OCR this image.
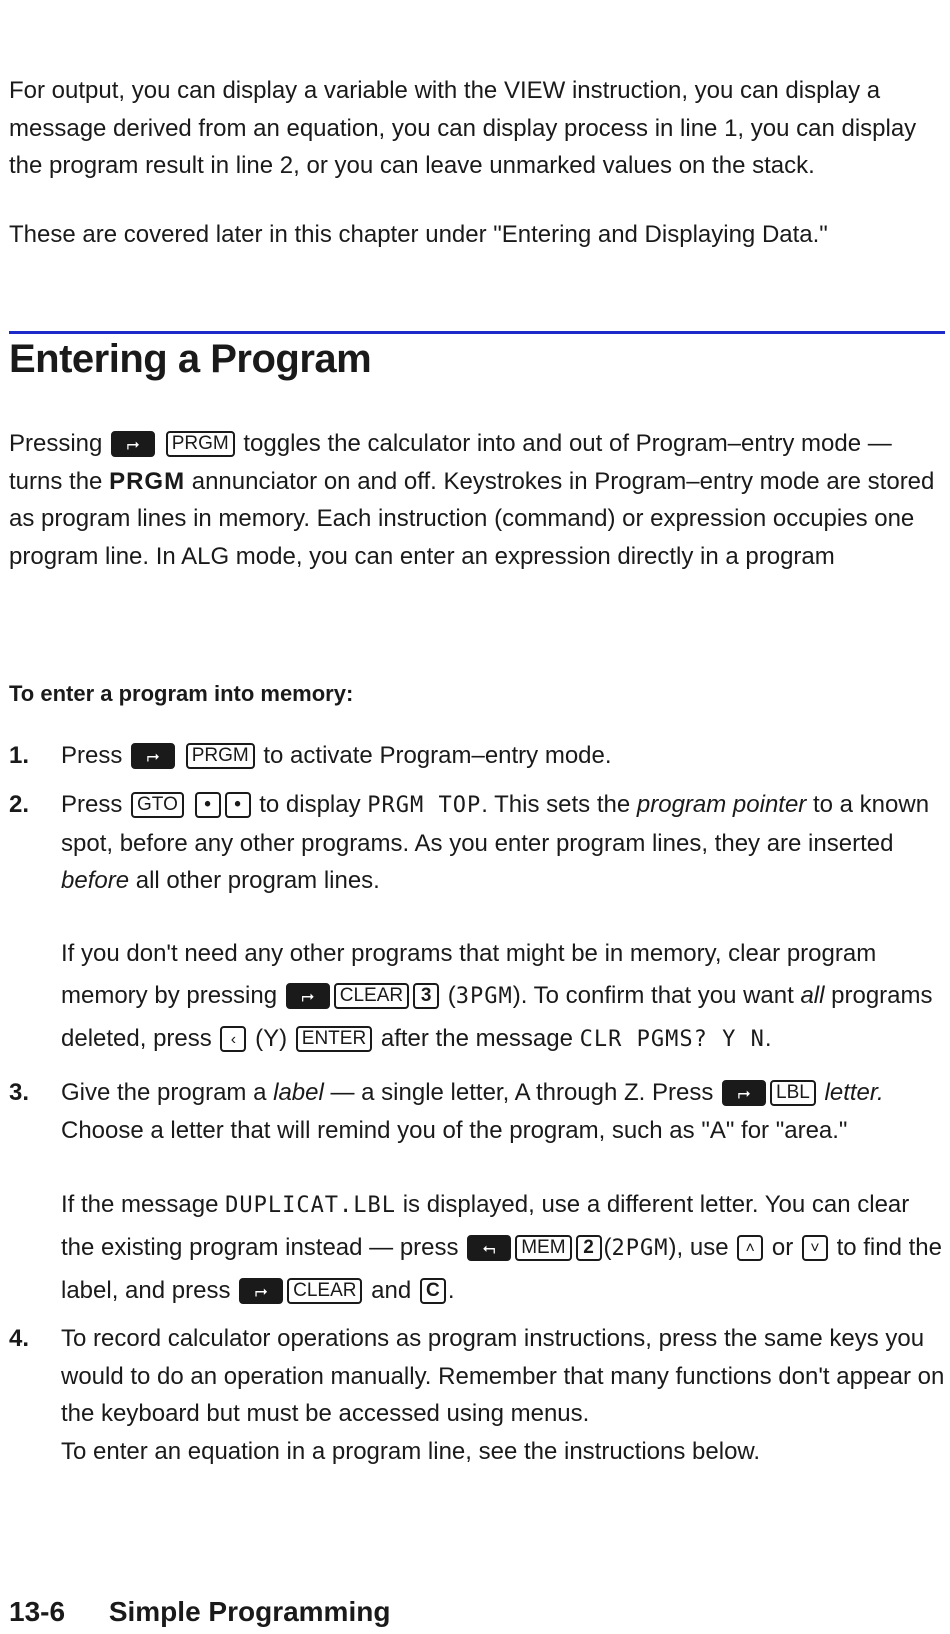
For output, you can display a variable with the VIEW instruction, you can display a message derived from an equation, you can display process in line 1, you can display the program result in line 2, or you can leave unmarked values on the stack.

These are covered later in this chapter under "Entering and Displaying Data."

Entering a Program

Pressing ⮣ PRGM toggles the calculator into and out of Program–entry mode — turns the PRGM annunciator on and off. Keystrokes in Program–entry mode are stored as program lines in memory. Each instruction (command) or expression occupies one program line. In ALG mode, you can enter an expression directly in a program

To enter a program into memory:
1. Press ⮣ PRGM to activate Program–entry mode.

2. Press GTO • • to display PRGM TOP. This sets the program pointer to a known spot, before any other programs. As you enter program lines, they are inserted before all other program lines.

If you don't need any other programs that might be in memory, clear program memory by pressing ⮣ CLEAR 3 (3PGM). To confirm that you want all programs deleted, press ‹ (Y) ENTER after the message CLR PGMS? Y N.

3. Give the program a label — a single letter, A through Z. Press ⮣ LBL letter. Choose a letter that will remind you of the program, such as "A" for "area."

If the message DUPLICAT.LBL is displayed, use a different letter. You can clear the existing program instead — press ⮢ MEM 2 (2PGM), use ˄ or ˅ to find the label, and press ⮣ CLEAR and C .

4. To record calculator operations as program instructions, press the same keys you would to do an operation manually. Remember that many functions don't appear on the keyboard but must be accessed using menus.
To enter an equation in a program line, see the instructions below.

13-6 Simple Programming
